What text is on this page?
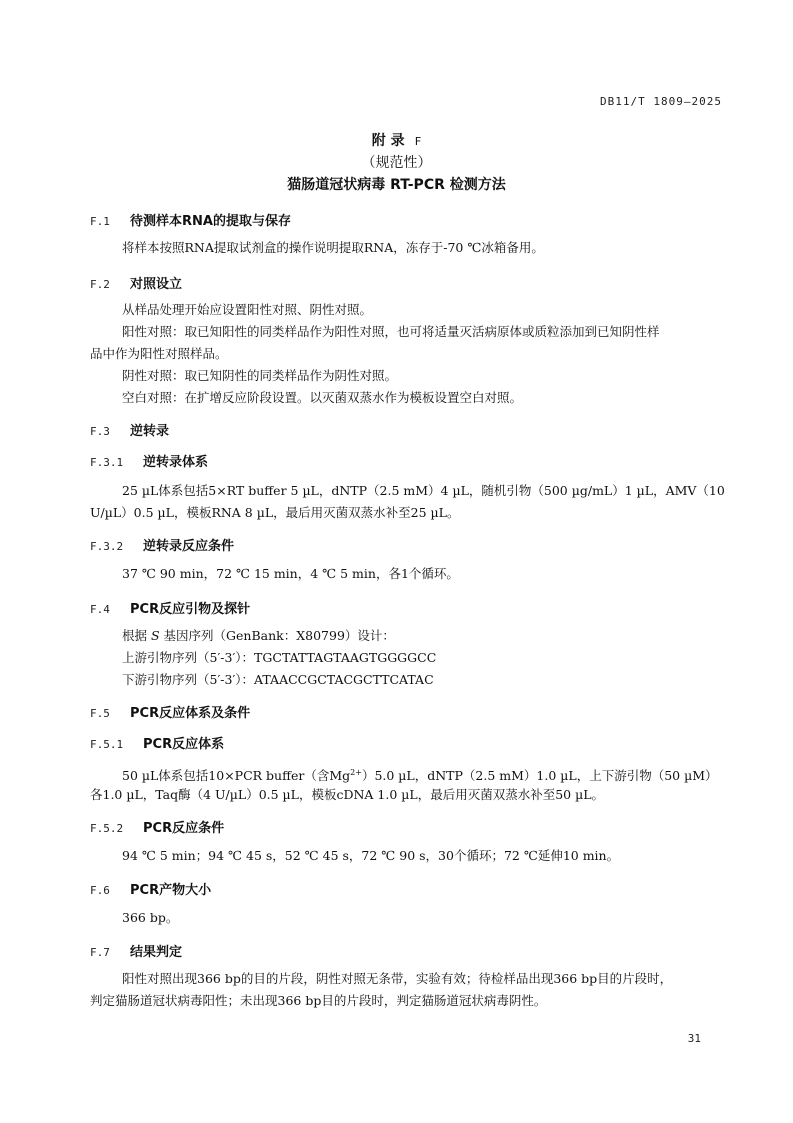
DB11/T 1809—2025
附 录 F
（规范性）
猫肠道冠状病毒 RT-PCR 检测方法
F.1 待测样本RNA的提取与保存
将样本按照RNA提取试剂盒的操作说明提取RNA，冻存于-70 ℃冰箱备用。
F.2 对照设立
从样品处理开始应设置阳性对照、阴性对照。
阳性对照：取已知阳性的同类样品作为阳性对照，也可将适量灭活病原体或质粒添加到已知阴性样
品中作为阳性对照样品。
阴性对照：取已知阴性的同类样品作为阴性对照。
空白对照：在扩增反应阶段设置。以灭菌双蒸水作为模板设置空白对照。
F.3 逆转录
F.3.1 逆转录体系
25 µL体系包括5×RT buffer 5 µL，dNTP（2.5 mM）4 µL，随机引物（500 µg/mL）1 µL，AMV（10
U/µL）0.5 µL，模板RNA 8 µL，最后用灭菌双蒸水补至25 µL。
F.3.2 逆转录反应条件
37 ℃ 90 min，72 ℃ 15 min，4 ℃ 5 min，各1个循环。
F.4 PCR反应引物及探针
根据 S 基因序列（GenBank：X80799）设计：
上游引物序列（5′-3′）：TGCTATTAGTAAGTGGGGCC
下游引物序列（5′-3′）：ATAACCGCTACGCTTCATAC
F.5 PCR反应体系及条件
F.5.1 PCR反应体系
50 µL体系包括10×PCR buffer（含$Mg^{2+})5.0$ µL，dNTP（2.5 mM）1.0 µL，上下游引物（50 µM）
各1.0 µL，Taq酶（4 U/µL）0.5 µL，模板cDNA 1.0 µL，最后用灭菌双蒸水补至50 µL。
F.5.2 PCR反应条件
94 ℃ 5 min；94 ℃ 45 s，52 ℃ 45 s，72 ℃ 90 s，30个循环；72 ℃延伸10 min。
F.6 PCR产物大小
366 bp。
F.7 结果判定
阳性对照出现366 bp的目的片段，阴性对照无条带，实验有效；待检样品出现366 bp目的片段时，
判定猫肠道冠状病毒阳性；未出现366 bp目的片段时，判定猫肠道冠状病毒阴性。
31
